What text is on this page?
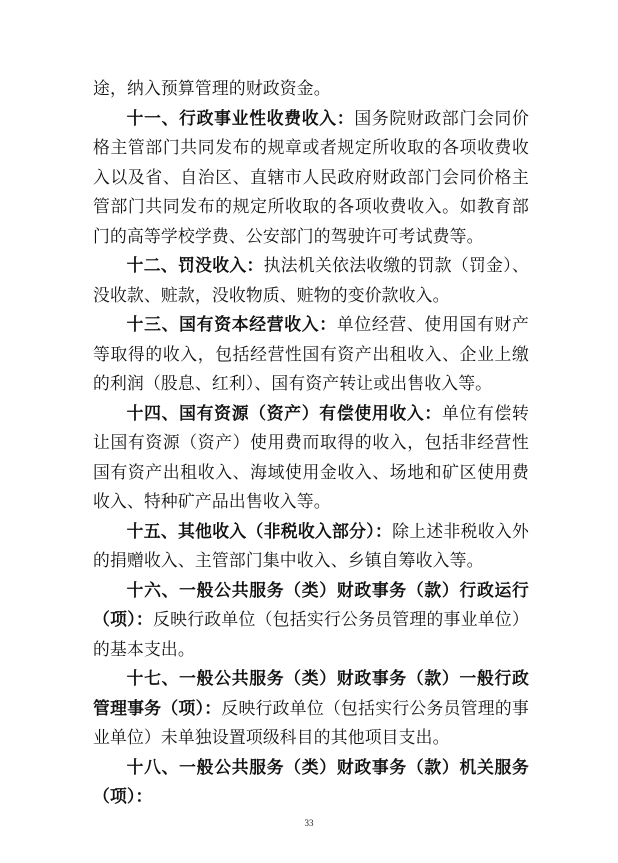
途，纳入预算管理的财政资金。

十一、行政事业性收费收入：国务院财政部门会同价格主管部门共同发布的规章或者规定所收取的各项收费收入以及省、自治区、直辖市人民政府财政部门会同价格主管部门共同发布的规定所收取的各项收费收入。如教育部门的高等学校学费、公安部门的驾驶许可考试费等。

十二、罚没收入：执法机关依法收缴的罚款（罚金）、没收款、赃款，没收物质、赃物的变价款收入。

十三、国有资本经营收入：单位经营、使用国有财产等取得的收入，包括经营性国有资产出租收入、企业上缴的利润（股息、红利）、国有资产转让或出售收入等。

十四、国有资源（资产）有偿使用收入：单位有偿转让国有资源（资产）使用费而取得的收入，包括非经营性国有资产出租收入、海域使用金收入、场地和矿区使用费收入、特种矿产品出售收入等。

十五、其他收入（非税收入部分）：除上述非税收入外的捐赠收入、主管部门集中收入、乡镇自筹收入等。

十六、一般公共服务（类）财政事务（款）行政运行（项）：反映行政单位（包括实行公务员管理的事业单位）的基本支出。

十七、一般公共服务（类）财政事务（款）一般行政管理事务（项）：反映行政单位（包括实行公务员管理的事业单位）未单独设置项级科目的其他项目支出。

十八、一般公共服务（类）财政事务（款）机关服务（项）：

33
